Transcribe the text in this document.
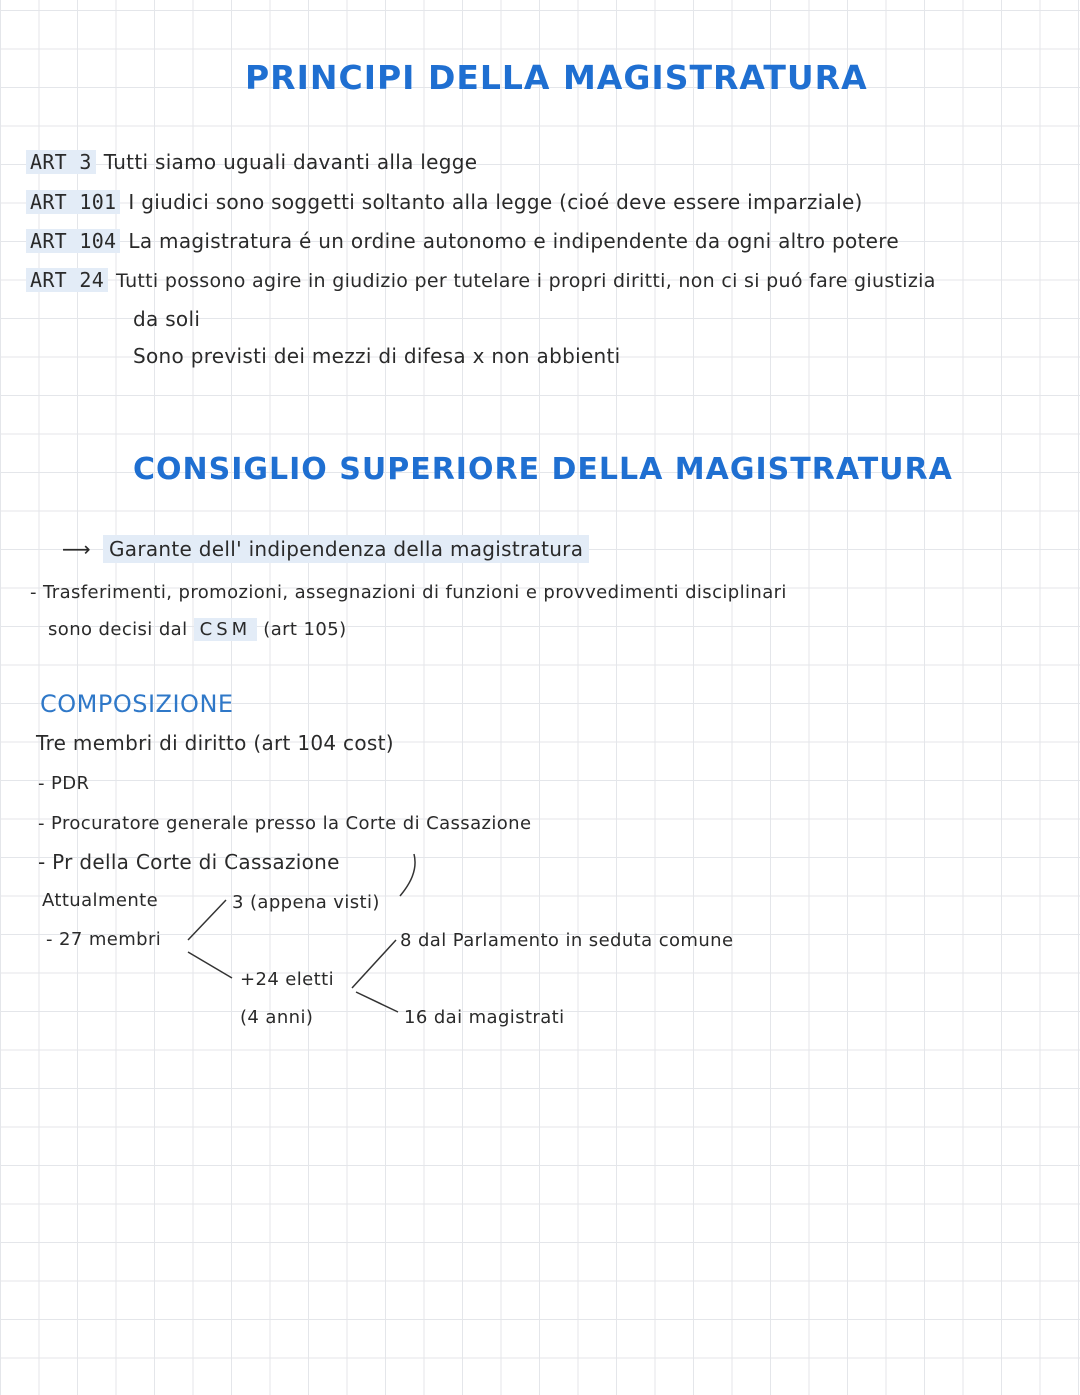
PRINCIPI DELLA MAGISTRATURA
ART 3 Tutti siamo uguali davanti alla legge
ART 101 I giudici sono soggetti soltanto alla legge (cioé deve essere imparziale)
ART 104 La magistratura é un ordine autonomo e indipendente da ogni altro potere
ART 24 Tutti possono agire in giudizio per tutelare i propri diritti, non ci si puó fare giustizia
da soli
Sono previsti dei mezzi di difesa x non abbienti
CONSIGLIO SUPERIORE DELLA MAGISTRATURA
⟶ Garante dell' indipendenza della magistratura
- Trasferimenti, promozioni, assegnazioni di funzioni e provvedimenti disciplinari
sono decisi dal CSM (art 105)
COMPOSIZIONE
Tre membri di diritto (art 104 cost)
- PDR
- Procuratore generale presso la Corte di Cassazione
- Pr della Corte di Cassazione
Attualmente
- 27 membri
3 (appena visti)
+24 eletti
(4 anni)
8 dal Parlamento in seduta comune
16 dai magistrati
